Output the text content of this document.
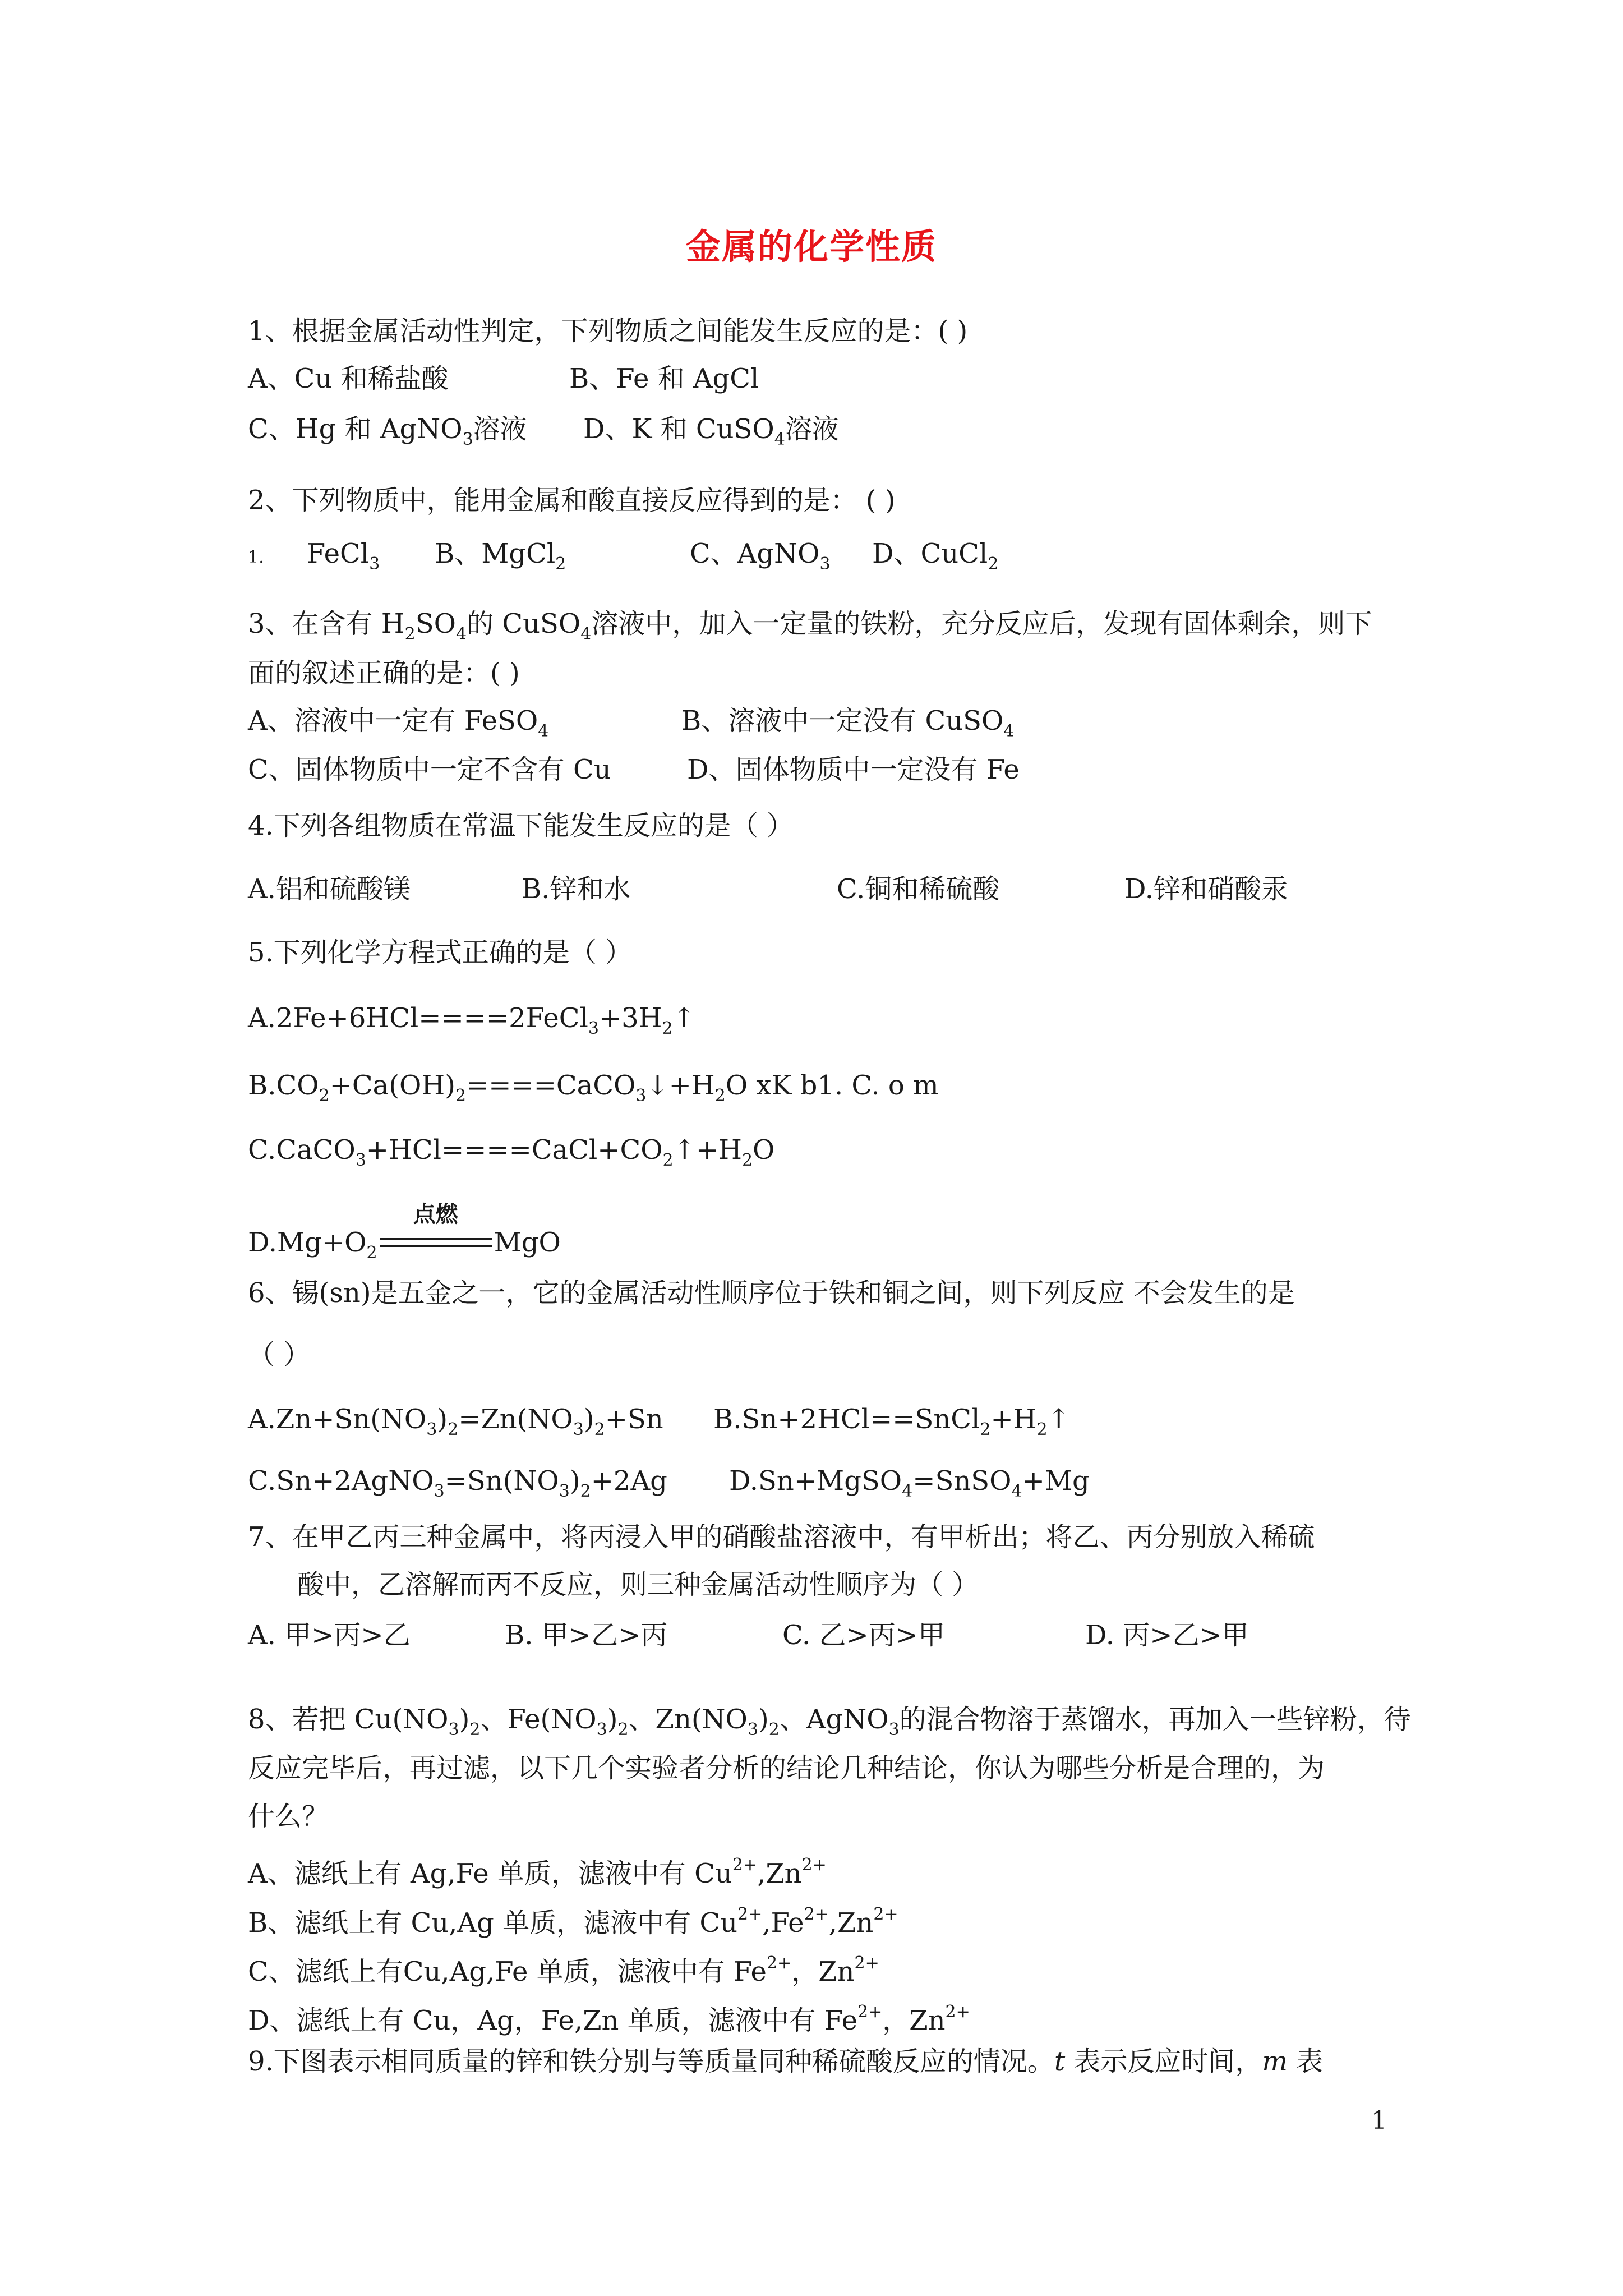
金属的化学性质
1、根据金属活动性判定，下列物质之间能发生反应的是：( )
A、Cu 和稀盐酸	B、Fe 和 AgCl
C、Hg 和 AgNO$_3$溶液 D、K 和 CuSO$_4$溶液
2、下列物质中，能用金属和酸直接反应得到的是： ( )
1. FeCl$_3$ B、MgCl$_2$	C、AgNO$_3$ D、CuCl$_2$
3、在含有 $H_2SO_4$的 CuSO$_4$溶液中，加入一定量的铁粉，充分反应后，发现有固体剩余，则下
面的叙述正确的是：( )
A、溶液中一定有 FeSO$_4$	B、溶液中一定没有 CuSO$_4$
C、固体物质中一定不含有 Cu	D、固体物质中一定没有 Fe
4.下列各组物质在常温下能发生反应的是（ ）
A.铝和硫酸镁	B.锌和水	C.铜和稀硫酸	D.锌和硝酸汞
5.下列化学方程式正确的是（ ）
$A.2Fe+6HCl====2FeCl_3+3H_2↑$
$B.CO_2+Ca(OH)_2====CaCO_3↓+H_2O$ xK b1. C. o m
$C.CaCO_3+HCl====CaCl+CO_2↑+H_2O$
$D.Mg+O_2$
点燃
MgO
6、锡(sn)是五金之一，它的金属活动性顺序位于铁和铜之间，则下列反应 不会发生的是
（ ）
$A.Zn+Sn(NO_3)_2=Zn(NO_3)_2+Sn$ $B.Sn+2HCl==SnCl_2+H_2↑$
$C.Sn+2AgNO_3=Sn(NO_3)_2+2Ag$ D.Sn+MgSO$_4$=SnSO$_4$+Mg
7、在甲乙丙三种金属中，将丙浸入甲的硝酸盐溶液中，有甲析出；将乙、丙分别放入稀硫
酸中，乙溶解而丙不反应，则三种金属活动性顺序为（ ）
A. 甲>丙>乙	B. 甲>乙>丙	C. 乙>丙>甲	D. 丙>乙>甲
8、若把 $Cu(NO_3)_2$、$Fe(NO_3)_2$、$Zn(NO_3)_2$、AgNO$_3$的混合物溶于蒸馏水，再加入一些锌粉，待
反应完毕后，再过滤，以下几个实验者分析的结论几种结论，你认为哪些分析是合理的，为
什么？
A、滤纸上有 Ag,Fe 单质，滤液中有 $Cu^{2+},Zn^{2+}$
B、滤纸上有 Cu,Ag 单质，滤液中有 $Cu^{2+},Fe^{2+},Zn^{2+}$
C、滤纸上有Cu,Ag,Fe 单质，滤液中有 $Fe^{2+}$，$Zn^{2+}$
D、滤纸上有 Cu，Ag，Fe,Zn 单质，滤液中有 $Fe^{2+}$，$Zn^{2+}$
9.下图表示相同质量的锌和铁分别与等质量同种稀硫酸反应的情况。t 表示反应时间，m 表
1
